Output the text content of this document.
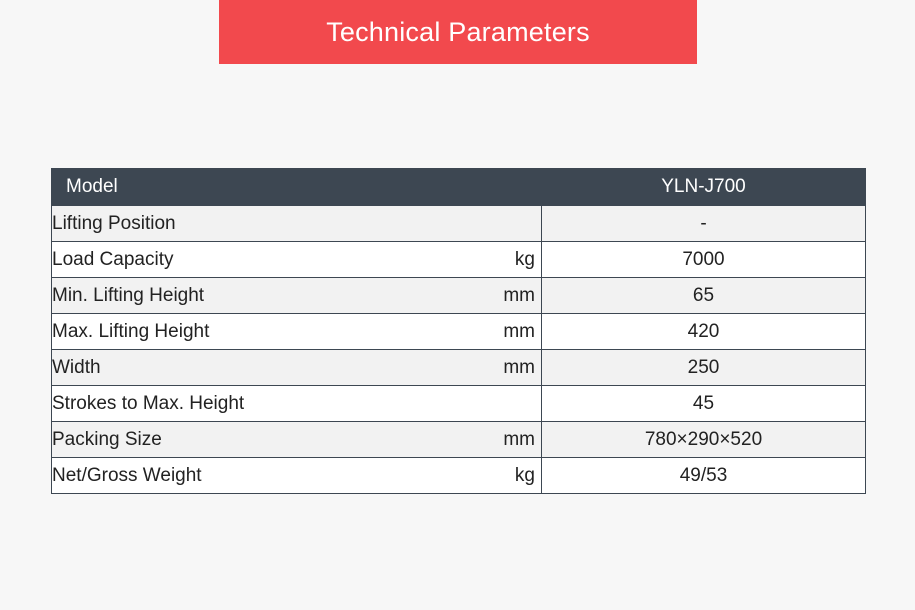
Technical Parameters
Model	YLN-J700

Lifting Position	-

Load Capacity kg	7000

Min. Lifting Height mm	65

Max. Lifting Height mm	420

Width mm	250

Strokes to Max. Height	45

Packing Size mm	780×290×520

Net/Gross Weight kg	49/53
